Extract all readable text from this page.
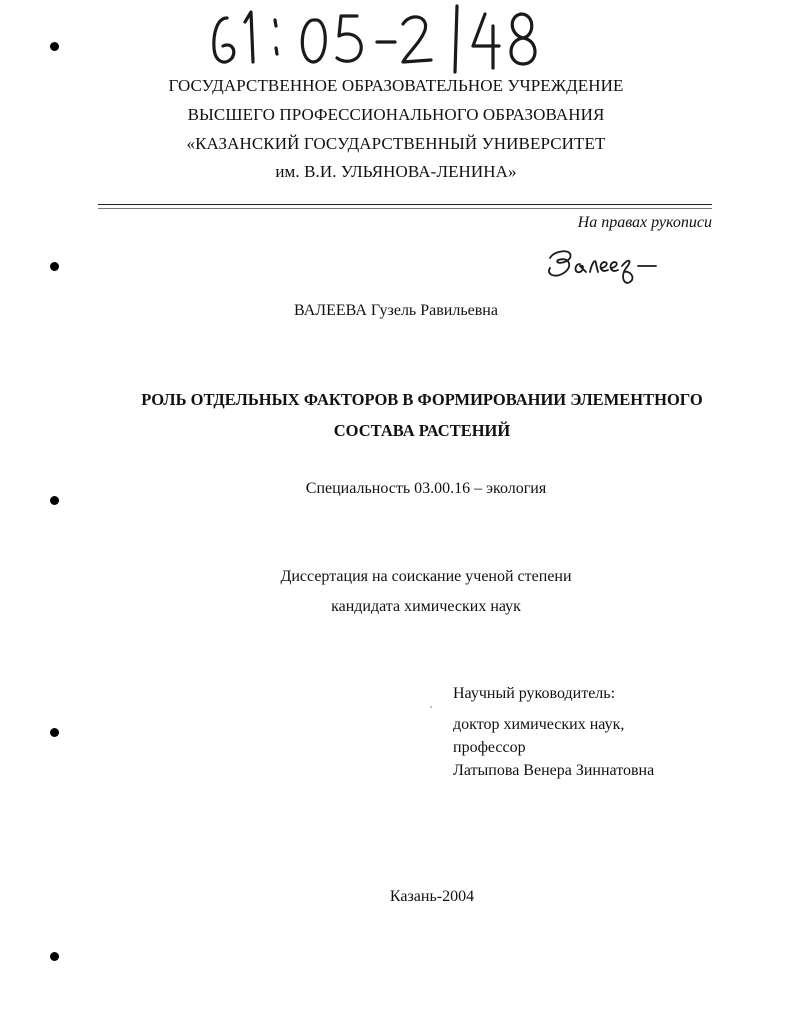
ГОСУДАРСТВЕННОЕ ОБРАЗОВАТЕЛЬНОЕ УЧРЕЖДЕНИЕ
ВЫСШЕГО ПРОФЕССИОНАЛЬНОГО ОБРАЗОВАНИЯ
«КАЗАНСКИЙ ГОСУДАРСТВЕННЫЙ УНИВЕРСИТЕТ
им. В.И. УЛЬЯНОВА-ЛЕНИНА»
На правах рукописи
ВАЛЕЕВА Гузель Равильевна
РОЛЬ ОТДЕЛЬНЫХ ФАКТОРОВ В ФОРМИРОВАНИИ ЭЛЕМЕНТНОГО
СОСТАВА РАСТЕНИЙ
Специальность 03.00.16 – экология
Диссертация на соискание ученой степени
кандидата химических наук
Научный руководитель:
доктор химических наук,
профессор
Латыпова Венера Зиннатовна
Казань-2004
